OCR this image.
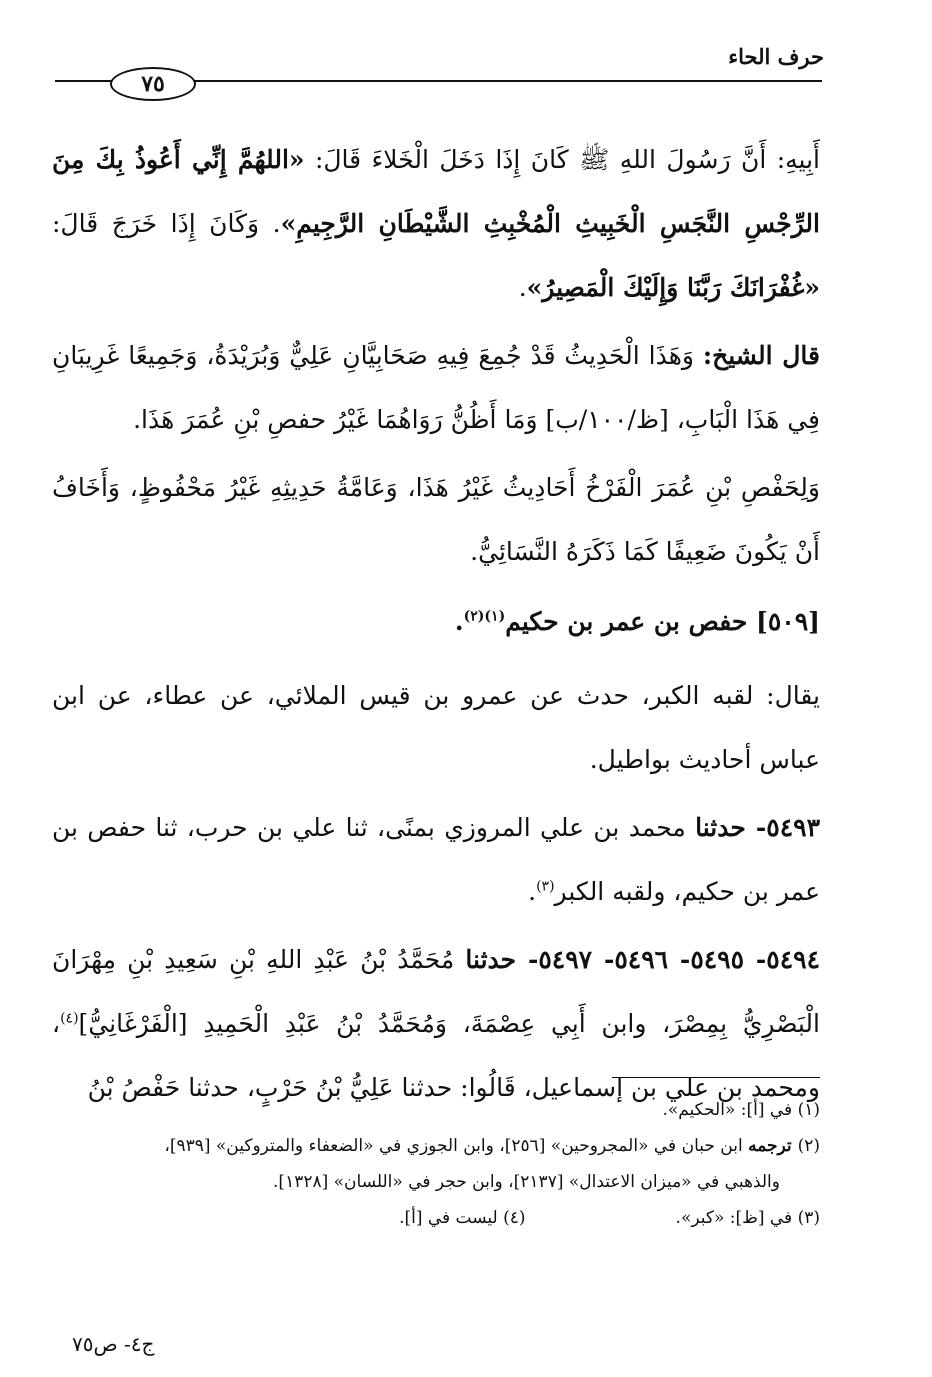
حرف الحاء
٧٥

أَبِيهِ: أَنَّ رَسُولَ اللهِ ﷺ كَانَ إِذَا دَخَلَ الْخَلاءَ قَالَ: «اللهُمَّ إِنِّي أَعُوذُ بِكَ مِنَ الرِّجْسِ النَّجَسِ الْخَبِيثِ الْمُخْبِثِ الشَّيْطَانِ الرَّجِيمِ». وَكَانَ إِذَا خَرَجَ قَالَ: «غُفْرَانَكَ رَبَّنَا وَإِلَيْكَ الْمَصِيرُ».

قال الشيخ: وَهَذَا الْحَدِيثُ قَدْ جُمِعَ فِيهِ صَحَابِيَّانِ عَلِيٌّ وَبُرَيْدَةُ، وَجَمِيعًا غَرِيبَانِ فِي هَذَا الْبَابِ، [ظ/١٠٠/ب] وَمَا أَظُنُّ رَوَاهُمَا غَيْرُ حفصِ بْنِ عُمَرَ هَذَا.

وَلِحَفْصِ بْنِ عُمَرَ الْفَرْخُ أَحَادِيثُ غَيْرُ هَذَا، وَعَامَّةُ حَدِيثِهِ غَيْرُ مَحْفُوظٍ، وَأَخَافُ أَنْ يَكُونَ ضَعِيفًا كَمَا ذَكَرَهُ النَّسَائِيُّ.

[٥٠٩] حفص بن عمر بن حكيم$^{(١)(٢)}$.

يقال: لقبه الكبر، حدث عن عمرو بن قيس الملائي، عن عطاء، عن ابن عباس أحاديث بواطيل.

٥٤٩٣- حدثنا محمد بن علي المروزي بمنًى، ثنا علي بن حرب، ثنا حفص بن عمر بن حكيم، ولقبه الكبر$^{(٣)}$.

٥٤٩٤- ٥٤٩٥- ٥٤٩٦- ٥٤٩٧- حدثنا مُحَمَّدُ بْنُ عَبْدِ اللهِ بْنِ سَعِيدِ بْنِ مِهْرَانَ الْبَصْرِيُّ بِمِصْرَ، وابن أَبِي عِصْمَةَ، وَمُحَمَّدُ بْنُ عَبْدِ الْحَمِيدِ [الْفَرْغَانِيُّ]$^{(٤)}$، ومحمد بن علي بن إسماعيل، قَالُوا: حدثنا عَلِيُّ بْنُ حَرْبٍ، حدثنا حَفْصُ بْنُ

(١) في [أ]: «الحكيم».

(٢) ترجمه ابن حبان في «المجروحين» [٢٥٦]، وابن الجوزي في «الضعفاء والمتروكين» [٩٣٩]،

والذهبي في «ميزان الاعتدال» [٢١٣٧]، وابن حجر في «اللسان» [١٣٢٨].

(٣) في [ظ]: «كبر».
(٤) ليست في [أ].
ج٤- ص٧٥
